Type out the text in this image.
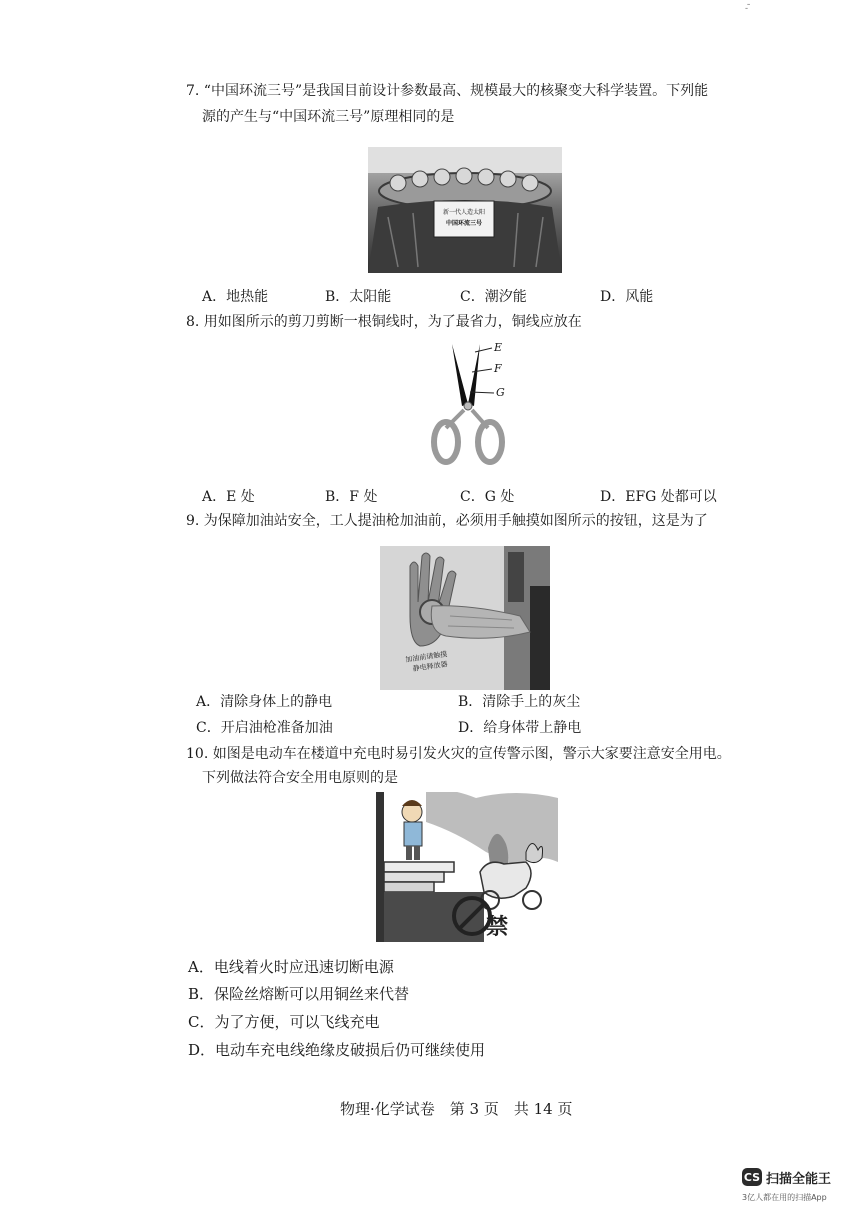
- ̄
7. “中国环流三号”是我国目前设计参数最高、规模最大的核聚变大科学装置。下列能
源的产生与“中国环流三号”原理相同的是
新一代人造太阳
中国环流三号
A．地热能	B．太阳能	C．潮汐能	D．风能
8. 用如图所示的剪刀剪断一根铜线时，为了最省力，铜线应放在
E
F
G
A．E 处	B．F 处	C．G 处	D．EFG 处都可以
9. 为保障加油站安全，工人提油枪加油前，必须用手触摸如图所示的按钮，这是为了
加油前请触摸
静电释放器
A．清除身体上的静电	B．清除手上的灰尘
C．开启油枪准备加油	D．给身体带上静电
10. 如图是电动车在楼道中充电时易引发火灾的宣传警示图，警示大家要注意安全用电。
下列做法符合安全用电原则的是
禁
A．电线着火时应迅速切断电源
B．保险丝熔断可以用铜丝来代替
C．为了方便，可以飞线充电
D．电动车充电线绝缘皮破损后仍可继续使用
物理·化学试卷　第 3 页　共 14 页
CS 扫描全能王
3亿人都在用的扫描App
